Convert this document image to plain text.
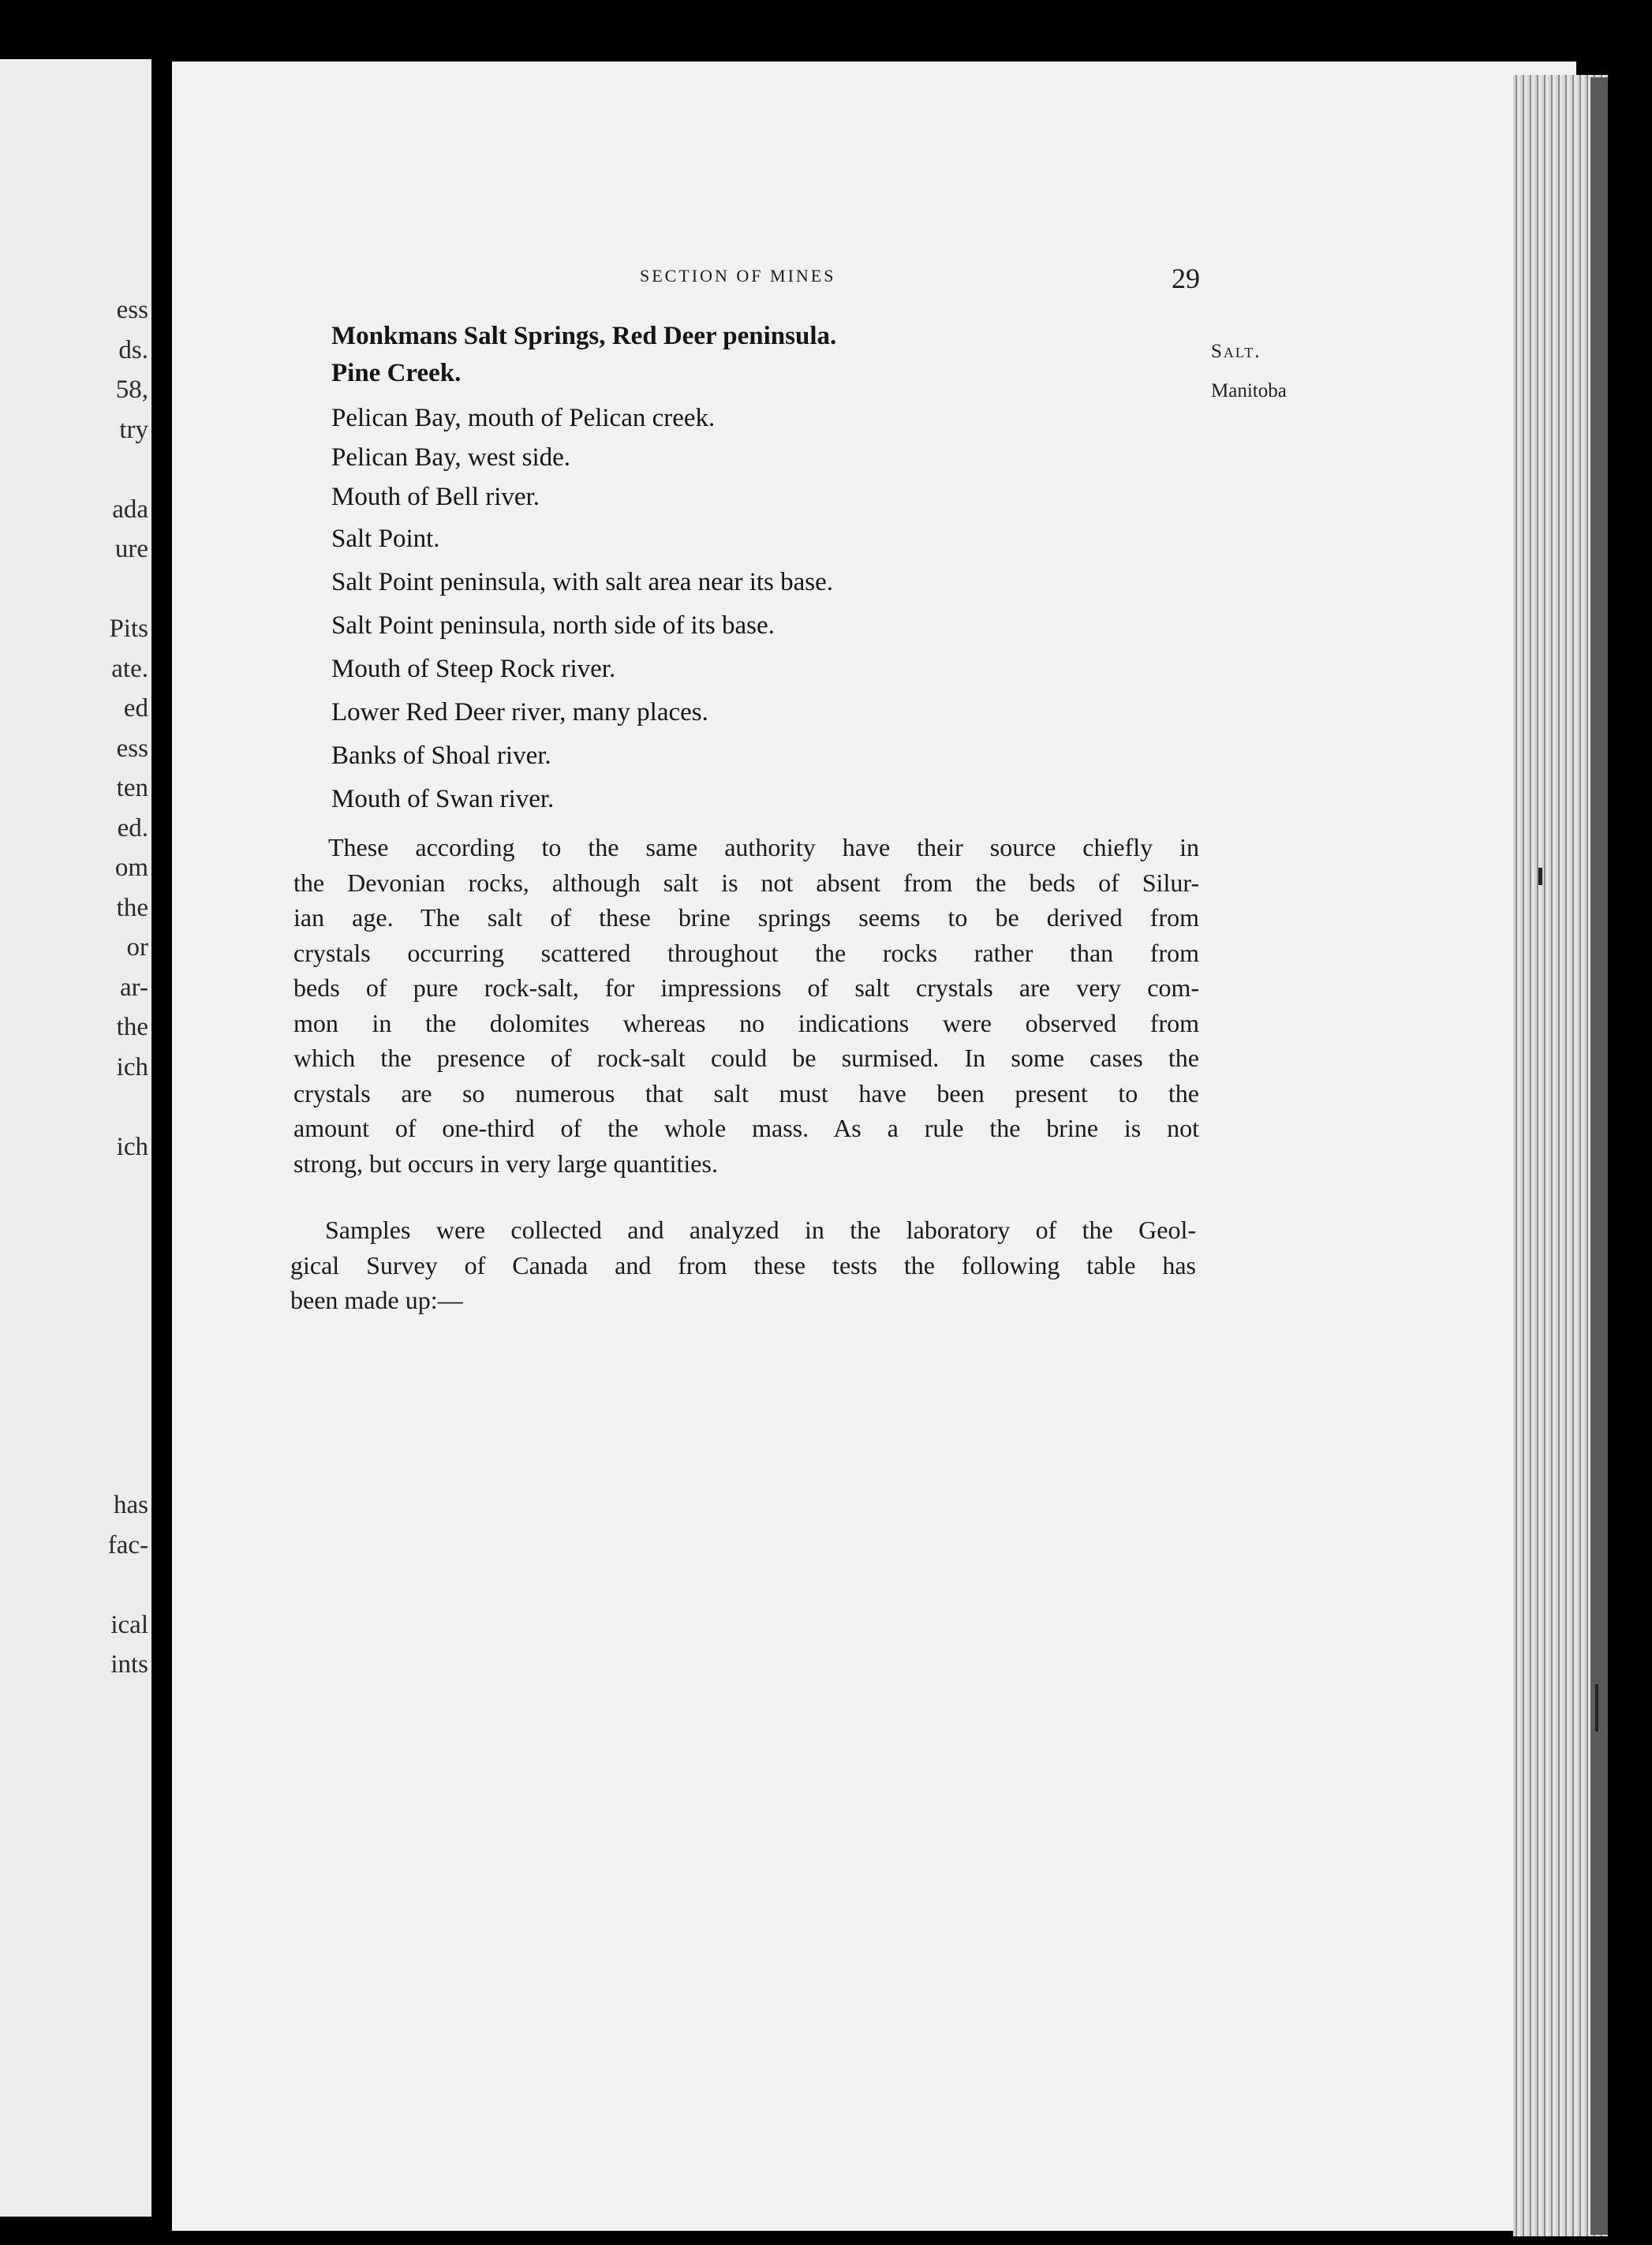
ess
ds.
58,
try
ada
ure
Pits
ate.
ed
ess
ten
ed.
om
the
or
ar-
the
ich
ich
has
fac-
ical
ints
SECTION OF MINES	29
Salt.
Manitoba
Monkmans Salt Springs, Red Deer peninsula.
Pine Creek.
Pelican Bay, mouth of Pelican creek.
Pelican Bay, west side.
Mouth of Bell river.
Salt Point.
Salt Point peninsula, with salt area near its base.
Salt Point peninsula, north side of its base.
Mouth of Steep Rock river.
Lower Red Deer river, many places.
Banks of Shoal river.
Mouth of Swan river.
These according to the same authority have their source chiefly in
the Devonian rocks, although salt is not absent from the beds of Silur-
ian age. The salt of these brine springs seems to be derived from
crystals occurring scattered throughout the rocks rather than from
beds of pure rock-salt, for impressions of salt crystals are very com-
mon in the dolomites whereas no indications were observed from
which the presence of rock-salt could be surmised. In some cases the
crystals are so numerous that salt must have been present to the
amount of one-third of the whole mass. As a rule the brine is not
strong, but occurs in very large quantities.
Samples were collected and analyzed in the laboratory of the Geol-
gical Survey of Canada and from these tests the following table has
been made up:—
